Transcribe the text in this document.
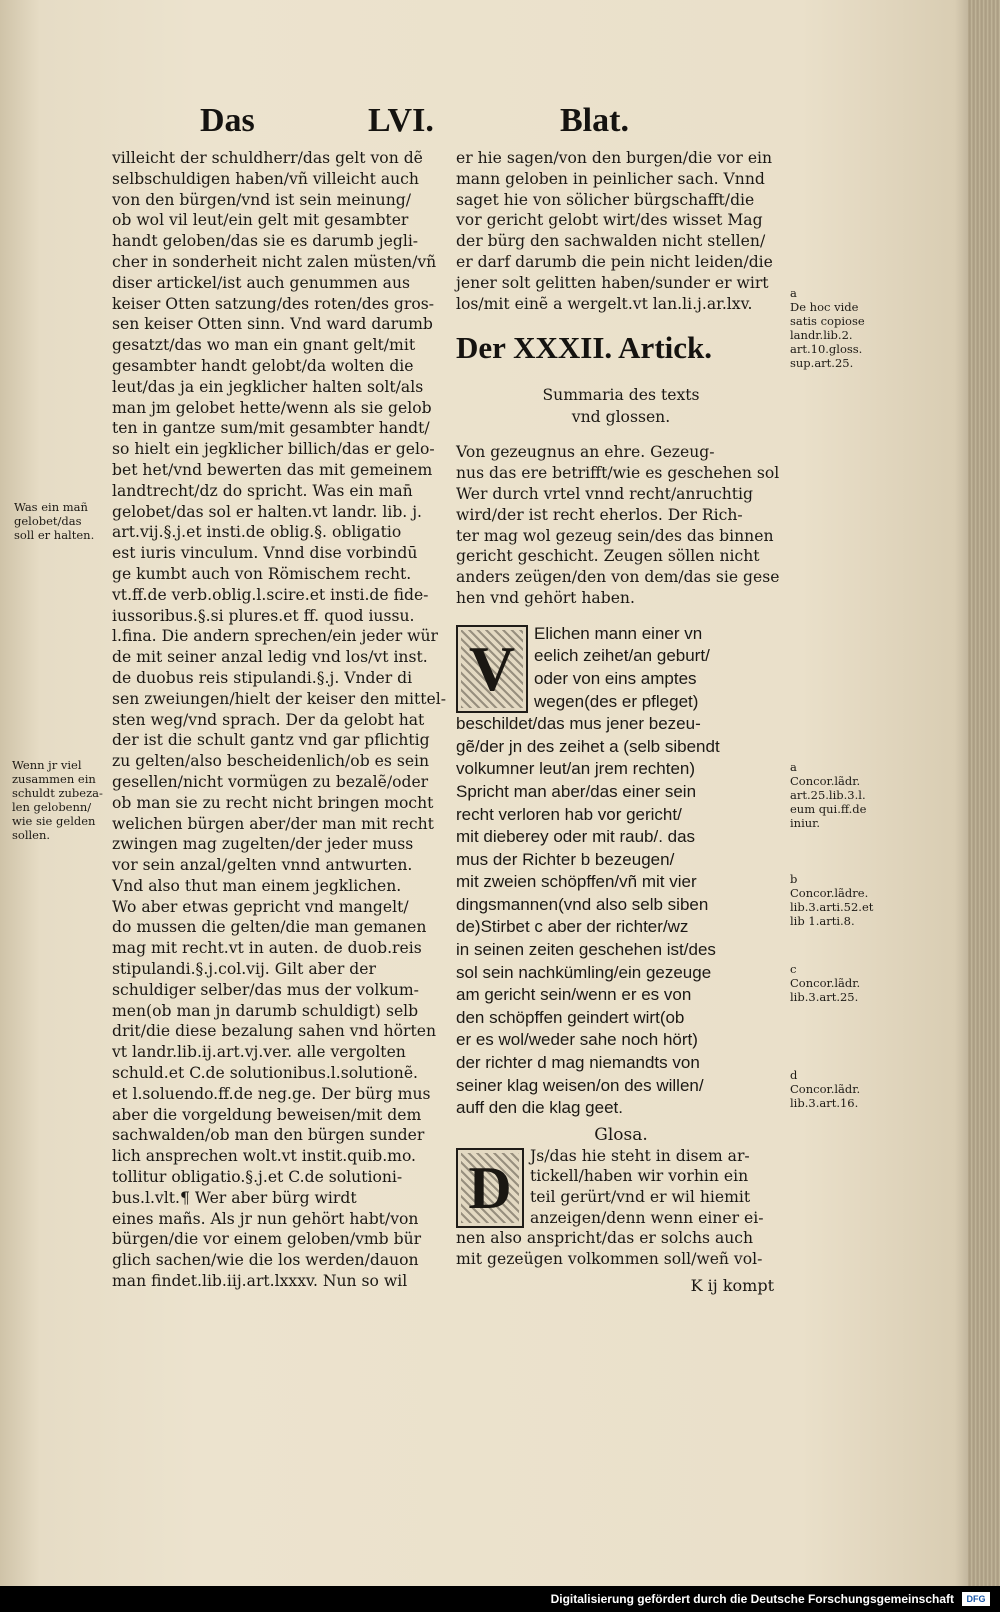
Das	LVI.	Blat.
villeicht der schuldherr/das gelt von dẽ
selbschuldigen haben/vñ villeicht auch
von den bürgen/vnd ist sein meinung/
ob wol vil leut/ein gelt mit gesambter
handt geloben/das sie es darumb jegli-
cher in sonderheit nicht zalen müsten/vñ
diser artickel/ist auch genummen aus
keiser Otten satzung/des roten/des gros-
sen keiser Otten sinn. Vnd ward darumb
gesatzt/das wo man ein gnant gelt/mit
gesambter handt gelobt/da wolten die
leut/das ja ein jegklicher halten solt/als
man jm gelobet hette/wenn als sie gelob
ten in gantze sum/mit gesambter handt/
so hielt ein jegklicher billich/das er gelo-
bet het/vnd bewerten das mit gemeinem
landtrecht/dz do spricht. Was ein man̄
gelobet/das sol er halten.vt landr. lib. j.
art.vij.§.j.et insti.de oblig.§. obligatio
est iuris vinculum. Vnnd dise vorbindū
ge kumbt auch von Römischem recht.
vt.ff.de verb.oblig.l.scire.et insti.de fide-
iussoribus.§.si plures.et ff. quod iussu.
l.fina. Die andern sprechen/ein jeder wür
de mit seiner anzal ledig vnd los/vt inst.
de duobus reis stipulandi.§.j. Vnder di
sen zweiungen/hielt der keiser den mittel-
sten weg/vnd sprach. Der da gelobt hat
der ist die schult gantz vnd gar pflichtig
zu gelten/also bescheidenlich/ob es sein
gesellen/nicht vormügen zu bezalẽ/oder
ob man sie zu recht nicht bringen mocht
welichen bürgen aber/der man mit recht
zwingen mag zugelten/der jeder muss
vor sein anzal/gelten vnnd antwurten.
Vnd also thut man einem jegklichen.
Wo aber etwas gepricht vnd mangelt/
do mussen die gelten/die man gemanen
mag mit recht.vt in auten. de duob.reis
stipulandi.§.j.col.vij. Gilt aber der
schuldiger selber/das mus der volkum-
men(ob man jn darumb schuldigt) selb
drit/die diese bezalung sahen vnd hörten
vt landr.lib.ij.art.vj.ver. alle vergolten
schuld.et C.de solutionibus.l.solutionẽ.
et l.soluendo.ff.de neg.ge. Der bürg mus
aber die vorgeldung beweisen/mit dem
sachwalden/ob man den bürgen sunder
lich ansprechen wolt.vt instit.quib.mo.
tollitur obligatio.§.j.et C.de solutioni-
bus.l.vlt.¶ Wer aber bürg wirdt
eines mañs. Als jr nun gehört habt/von
bürgen/die vor einem geloben/vmb bür
glich sachen/wie die los werden/dauon
man findet.lib.iij.art.lxxxv. Nun so wil
er hie sagen/von den burgen/die vor ein
mann geloben in peinlicher sach. Vnnd
saget hie von sölicher bürgschafft/die
vor gericht gelobt wirt/des wisset Mag
der bürg den sachwalden nicht stellen/
er darf darumb die pein nicht leiden/die
jener solt gelitten haben/sunder er wirt
los/mit einẽ a wergelt.vt lan.li.j.ar.lxv.
Der XXXII. Artick.
Summaria des texts
vnd glossen.
Von gezeugnus an ehre. Gezeug-
nus das ere betrifft/wie es geschehen sol
Wer durch vrtel vnnd recht/anruchtig
wird/der ist recht eherlos. Der Rich-
ter mag wol gezeug sein/des das binnen
gericht geschicht. Zeugen söllen nicht
anders zeügen/den von dem/das sie gese
hen vnd gehört haben.
V	Elichen mann einer vn
eelich zeihet/an geburt/
oder von eins amptes
wegen(des er pfleget)
beschildet/das mus jener bezeu-
gẽ/der jn des zeihet a (selb sibendt
volkumner leut/an jrem rechten)
Spricht man aber/das einer sein
recht verloren hab vor gericht/
mit dieberey oder mit raub/. das
mus der Richter b bezeugen/
mit zweien schöpffen/vñ mit vier
dingsmannen(vnd also selb siben
de)Stirbet c aber der richter/wz
in seinen zeiten geschehen ist/des
sol sein nachkümling/ein gezeuge
am gericht sein/wenn er es von
den schöpffen geindert wirt(ob
er es wol/weder sahe noch hört)
der richter d mag niemandts von
seiner klag weisen/on des willen/
auff den die klag geet.
Glosa.
D	Js/das hie steht in disem ar-
tickell/haben wir vorhin ein
teil gerürt/vnd er wil hiemit
anzeigen/denn wenn einer ei-
nen also anspricht/das er solchs auch
mit gezeügen volkommen soll/weñ vol-
K ij kompt
Was ein mañ
gelobet/das
soll er halten.
Wenn jr viel
zusammen ein
schuldt zubeza-
len gelobenn/
wie sie gelden
sollen.
a
De hoc vide
satis copiose
landr.lib.2.
art.10.gloss.
sup.art.25.
a
Concor.lãdr.
art.25.lib.3.l.
eum qui.ff.de
iniur.
b
Concor.lãdre.
lib.3.arti.52.et
lib 1.arti.8.
c
Concor.lãdr.
lib.3.art.25.
d
Concor.lãdr.
lib.3.art.16.
Digitalisierung gefördert durch die Deutsche Forschungsgemeinschaft	DFG
